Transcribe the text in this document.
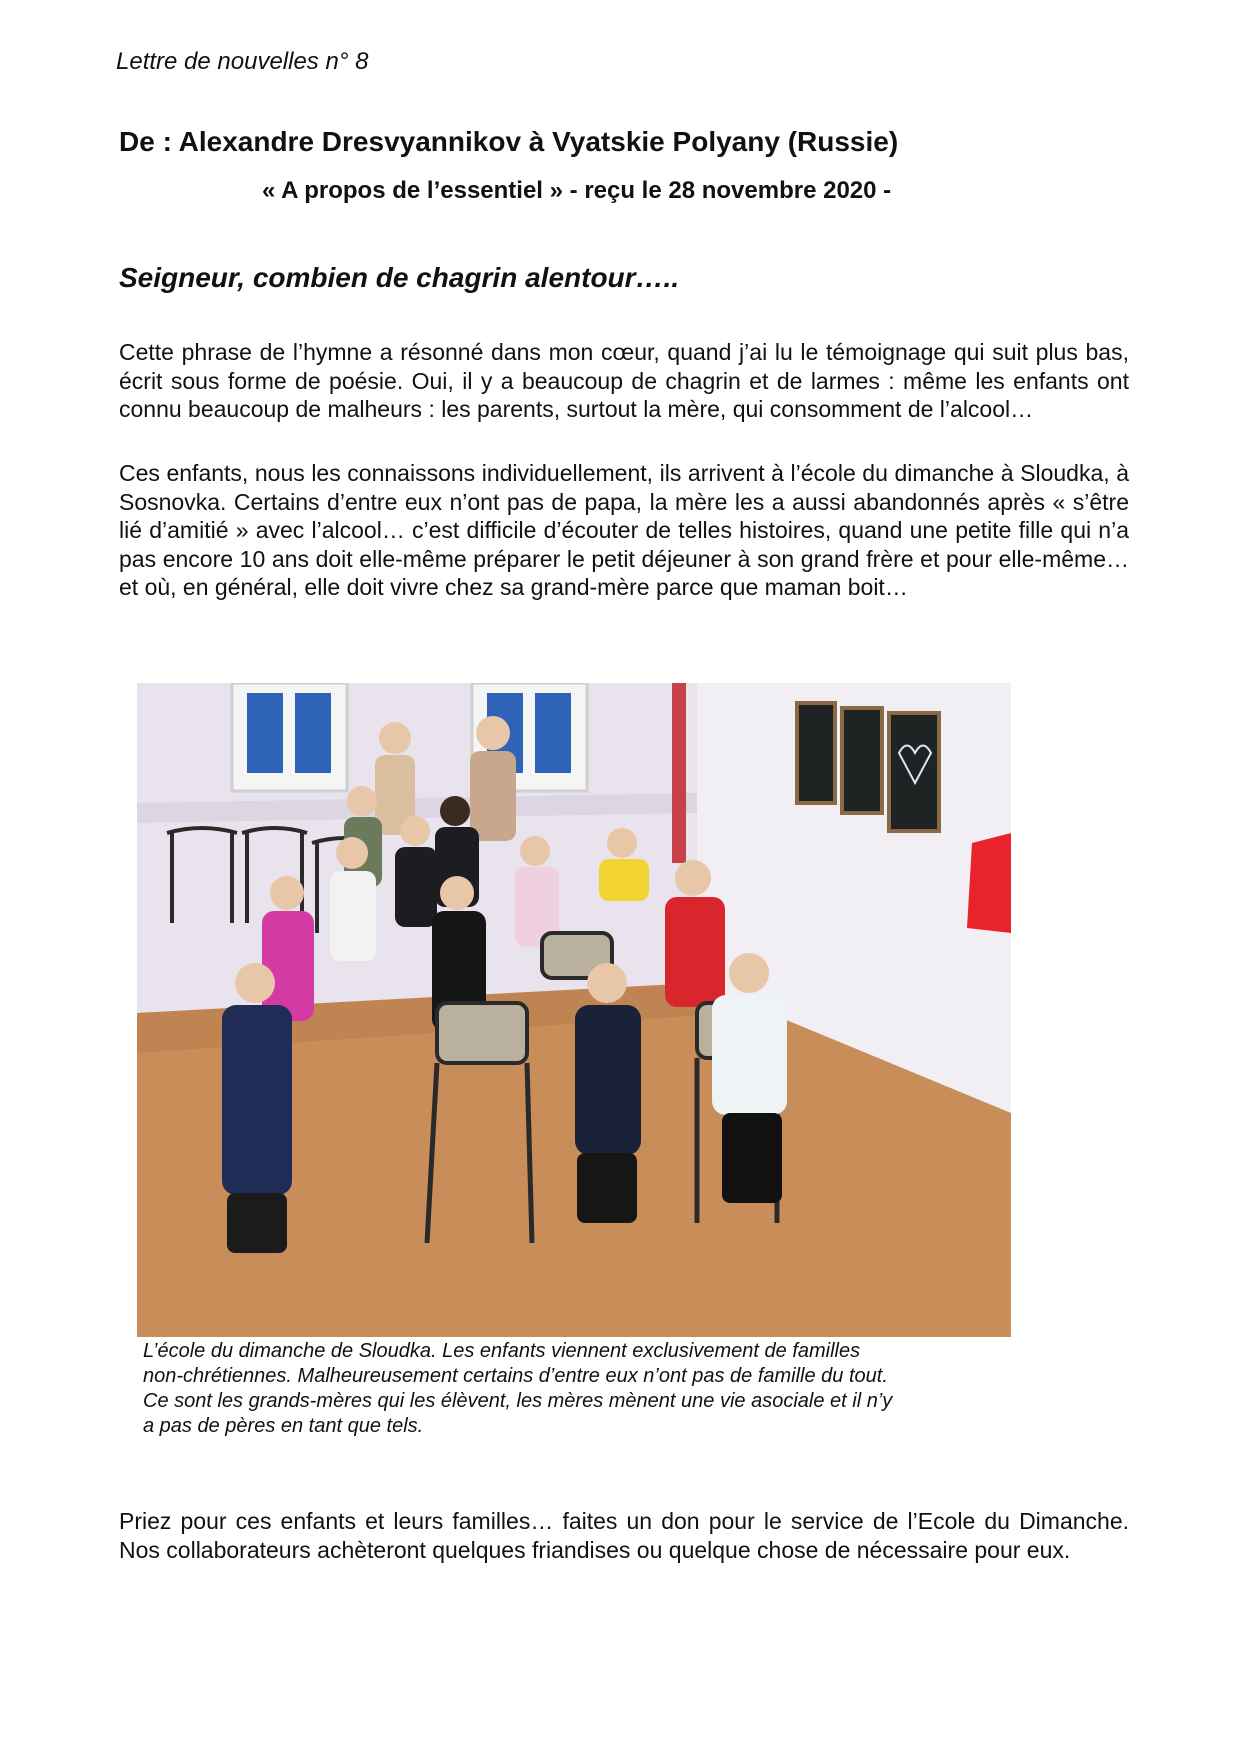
Lettre de nouvelles n° 8
De : Alexandre Dresvyannikov à Vyatskie Polyany (Russie)
« A propos de l’essentiel » - reçu le 28 novembre 2020 -
Seigneur, combien de chagrin alentour…..

Cette phrase de l’hymne a résonné dans mon cœur, quand j’ai lu le témoignage qui suit plus bas, écrit sous forme de poésie. Oui, il y a beaucoup de chagrin et de larmes : même les enfants ont connu beaucoup de malheurs : les parents, surtout la mère, qui consomment de l’alcool…

Ces enfants, nous les connaissons individuellement, ils arrivent à l’école du dimanche à Sloudka, à Sosnovka. Certains d’entre eux n’ont pas de papa, la mère les a aussi abandonnés après « s’être lié d’amitié » avec l’alcool… c’est difficile d’écouter de telles histoires, quand une petite fille qui n’a pas encore 10 ans doit elle-même préparer le petit déjeuner à son grand frère et pour elle-même… et où, en général, elle doit vivre chez sa grand-mère parce que maman boit…

L’école du dimanche de Sloudka. Les enfants viennent exclusivement de familles
non-chrétiennes. Malheureusement certains d’entre eux n’ont pas de famille du tout.
Ce sont les grands-mères qui les élèvent, les mères mènent une vie asociale et il n’y
a pas de pères en tant que tels.

Priez pour ces enfants et leurs familles… faites un don pour le service de l’Ecole du Dimanche. Nos collaborateurs achèteront quelques friandises ou quelque chose de nécessaire pour eux.
